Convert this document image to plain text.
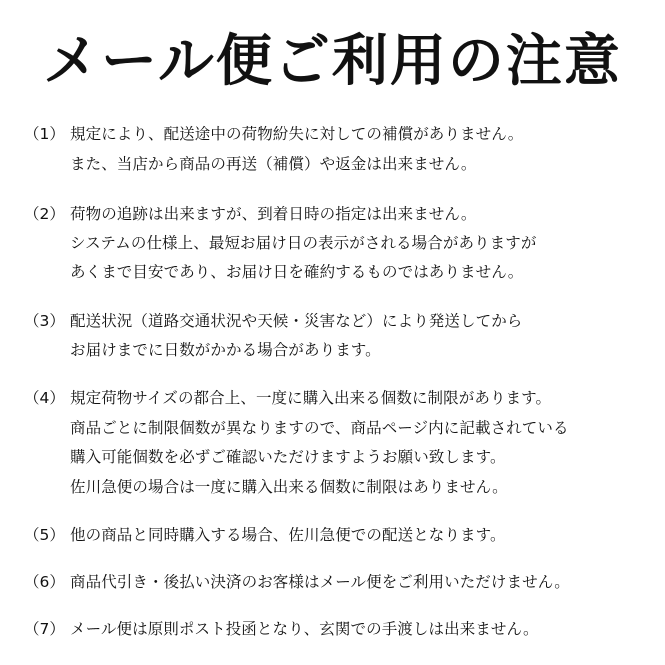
メール便ご利用の注意
（1） 規定により、配送途中の荷物紛失に対しての補償がありません。
また、当店から商品の再送（補償）や返金は出来ません。
（2） 荷物の追跡は出来ますが、到着日時の指定は出来ません。
システムの仕様上、最短お届け日の表示がされる場合がありますが
あくまで目安であり、お届け日を確約するものではありません。
（3） 配送状況（道路交通状況や天候・災害など）により発送してから
お届けまでに日数がかかる場合があります。
（4） 規定荷物サイズの都合上、一度に購入出来る個数に制限があります。
商品ごとに制限個数が異なりますので、商品ページ内に記載されている
購入可能個数を必ずご確認いただけますようお願い致します。
佐川急便の場合は一度に購入出来る個数に制限はありません。
（5） 他の商品と同時購入する場合、佐川急便での配送となります。
（6） 商品代引き・後払い決済のお客様はメール便をご利用いただけません。
（7） メール便は原則ポスト投函となり、玄関での手渡しは出来ません。
